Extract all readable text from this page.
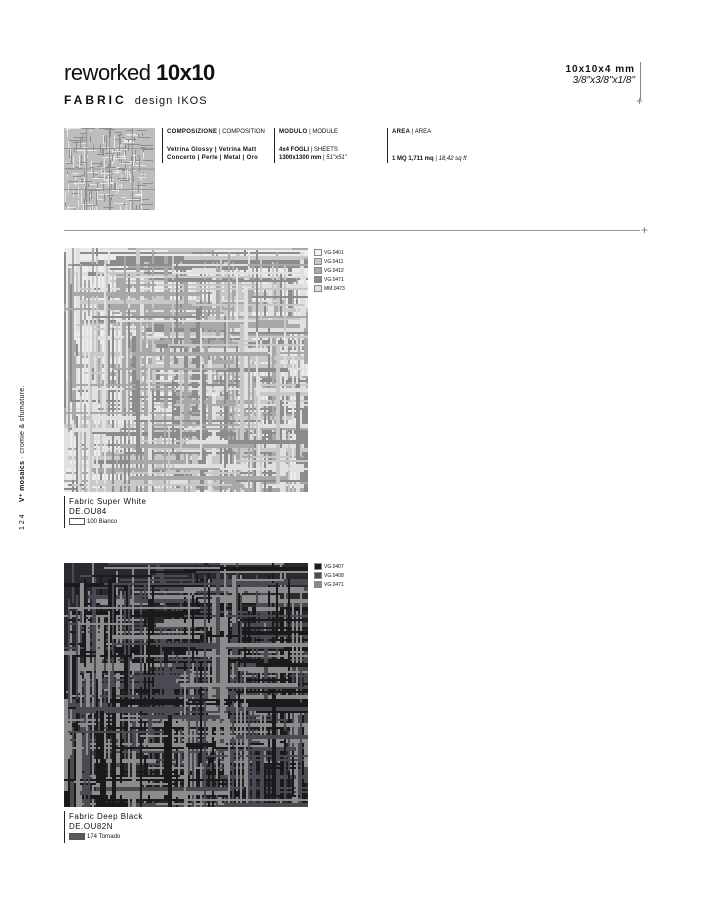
reworked 10x10
FABRIC design IKOS
10x10x4 mm
3/8"x3/8"x1/8"
+
COMPOSIZIONE | COMPOSITION
Vetrina Glossy | Vetrina Matt
Concerto | Perle | Metal | Oro
MODULO | MODULE
4x4 FOGLI | SHEETS
1300x1300 mm | 51"x51"
AREA | AREA
1 MQ 1,711 mq | 18,42 sq ft
+
VG.0401
VG.0411
VG.0412
VG.0471
MM.0473
Fabric Super White
DE.OU84
100 Bianco
VG.0407
VG.0408
VG.0471
Fabric Deep Black
DE.OU82N
174 Tornado
124 V⁺ mosaics · cromie & sfumature.
